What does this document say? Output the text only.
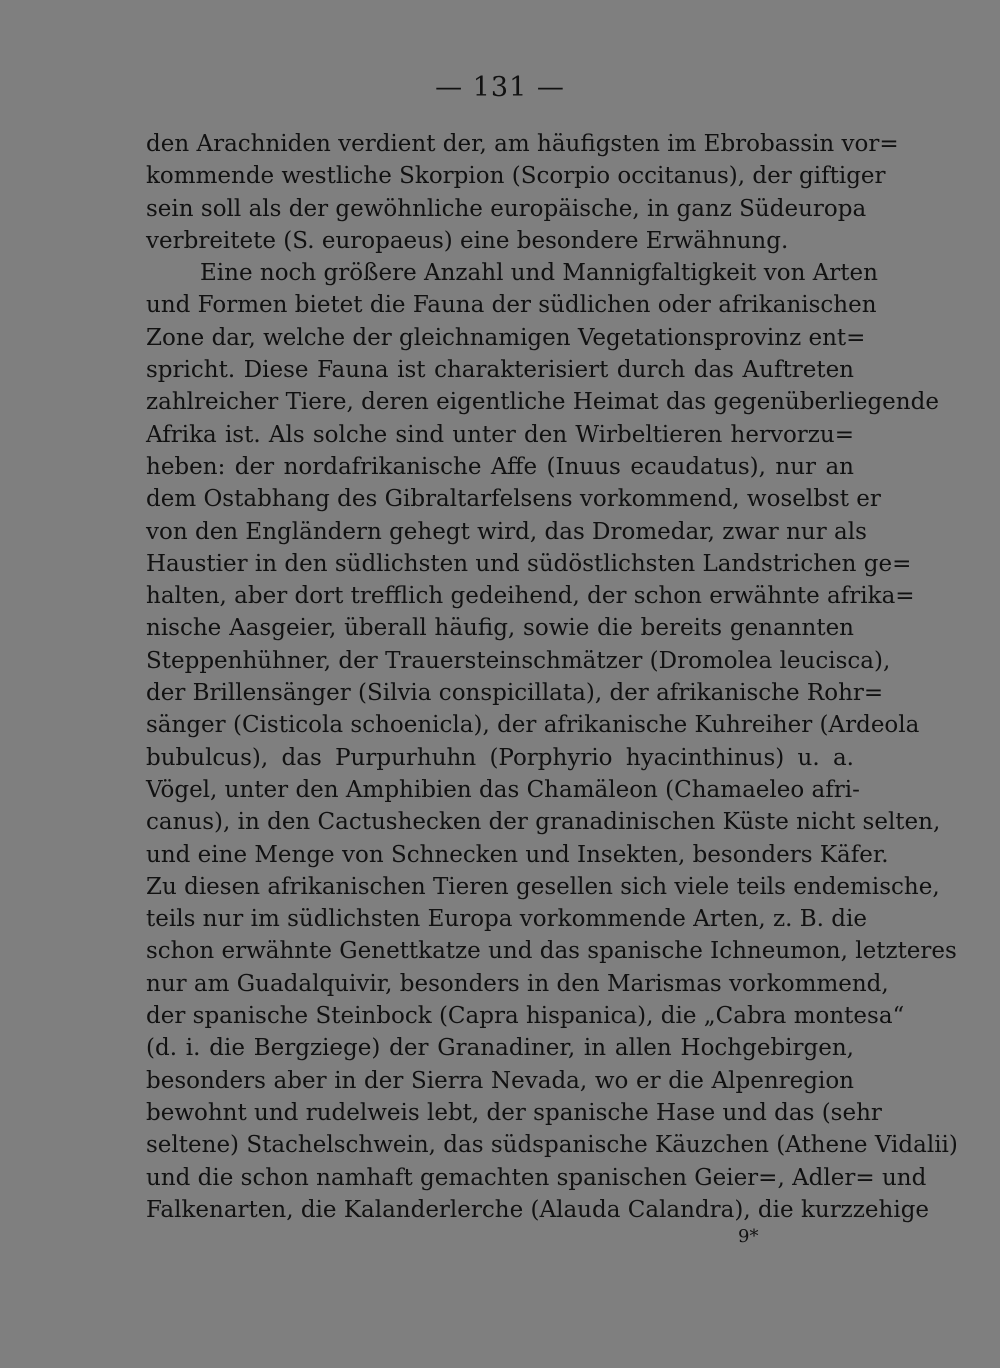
— 131 —
den Arachniden verdient der, am häufigsten im Ebrobassin vor=
kommende westliche Skorpion (Scorpio occitanus), der giftiger
sein soll als der gewöhnliche europäische, in ganz Südeuropa
verbreitete (S. europaeus) eine besondere Erwähnung.
Eine noch größere Anzahl und Mannigfaltigkeit von Arten
und Formen bietet die Fauna der südlichen oder afrikanischen
Zone dar, welche der gleichnamigen Vegetationsprovinz ent=
spricht. Diese Fauna ist charakterisiert durch das Auftreten
zahlreicher Tiere, deren eigentliche Heimat das gegenüberliegende
Afrika ist. Als solche sind unter den Wirbeltieren hervorzu=
heben: der nordafrikanische Affe (Inuus ecaudatus), nur an
dem Ostabhang des Gibraltarfelsens vorkommend, woselbst er
von den Engländern gehegt wird, das Dromedar, zwar nur als
Haustier in den südlichsten und südöstlichsten Landstrichen ge=
halten, aber dort trefflich gedeihend, der schon erwähnte afrika=
nische Aasgeier, überall häufig, sowie die bereits genannten
Steppenhühner, der Trauersteinschmätzer (Dromolea leucisca),
der Brillensänger (Silvia conspicillata), der afrikanische Rohr=
sänger (Cisticola schoenicla), der afrikanische Kuhreiher (Ardeola
bubulcus), das Purpurhuhn (Porphyrio hyacinthinus) u. a.
Vögel, unter den Amphibien das Chamäleon (Chamaeleo afri-
canus), in den Cactushecken der granadinischen Küste nicht selten,
und eine Menge von Schnecken und Insekten, besonders Käfer.
Zu diesen afrikanischen Tieren gesellen sich viele teils endemische,
teils nur im südlichsten Europa vorkommende Arten, z. B. die
schon erwähnte Genettkatze und das spanische Ichneumon, letzteres
nur am Guadalquivir, besonders in den Marismas vorkommend,
der spanische Steinbock (Capra hispanica), die „Cabra montesa“
(d. i. die Bergziege) der Granadiner, in allen Hochgebirgen,
besonders aber in der Sierra Nevada, wo er die Alpenregion
bewohnt und rudelweis lebt, der spanische Hase und das (sehr
seltene) Stachelschwein, das südspanische Käuzchen (Athene Vidalii)
und die schon namhaft gemachten spanischen Geier=, Adler= und
Falkenarten, die Kalanderlerche (Alauda Calandra), die kurzzehige
9*
